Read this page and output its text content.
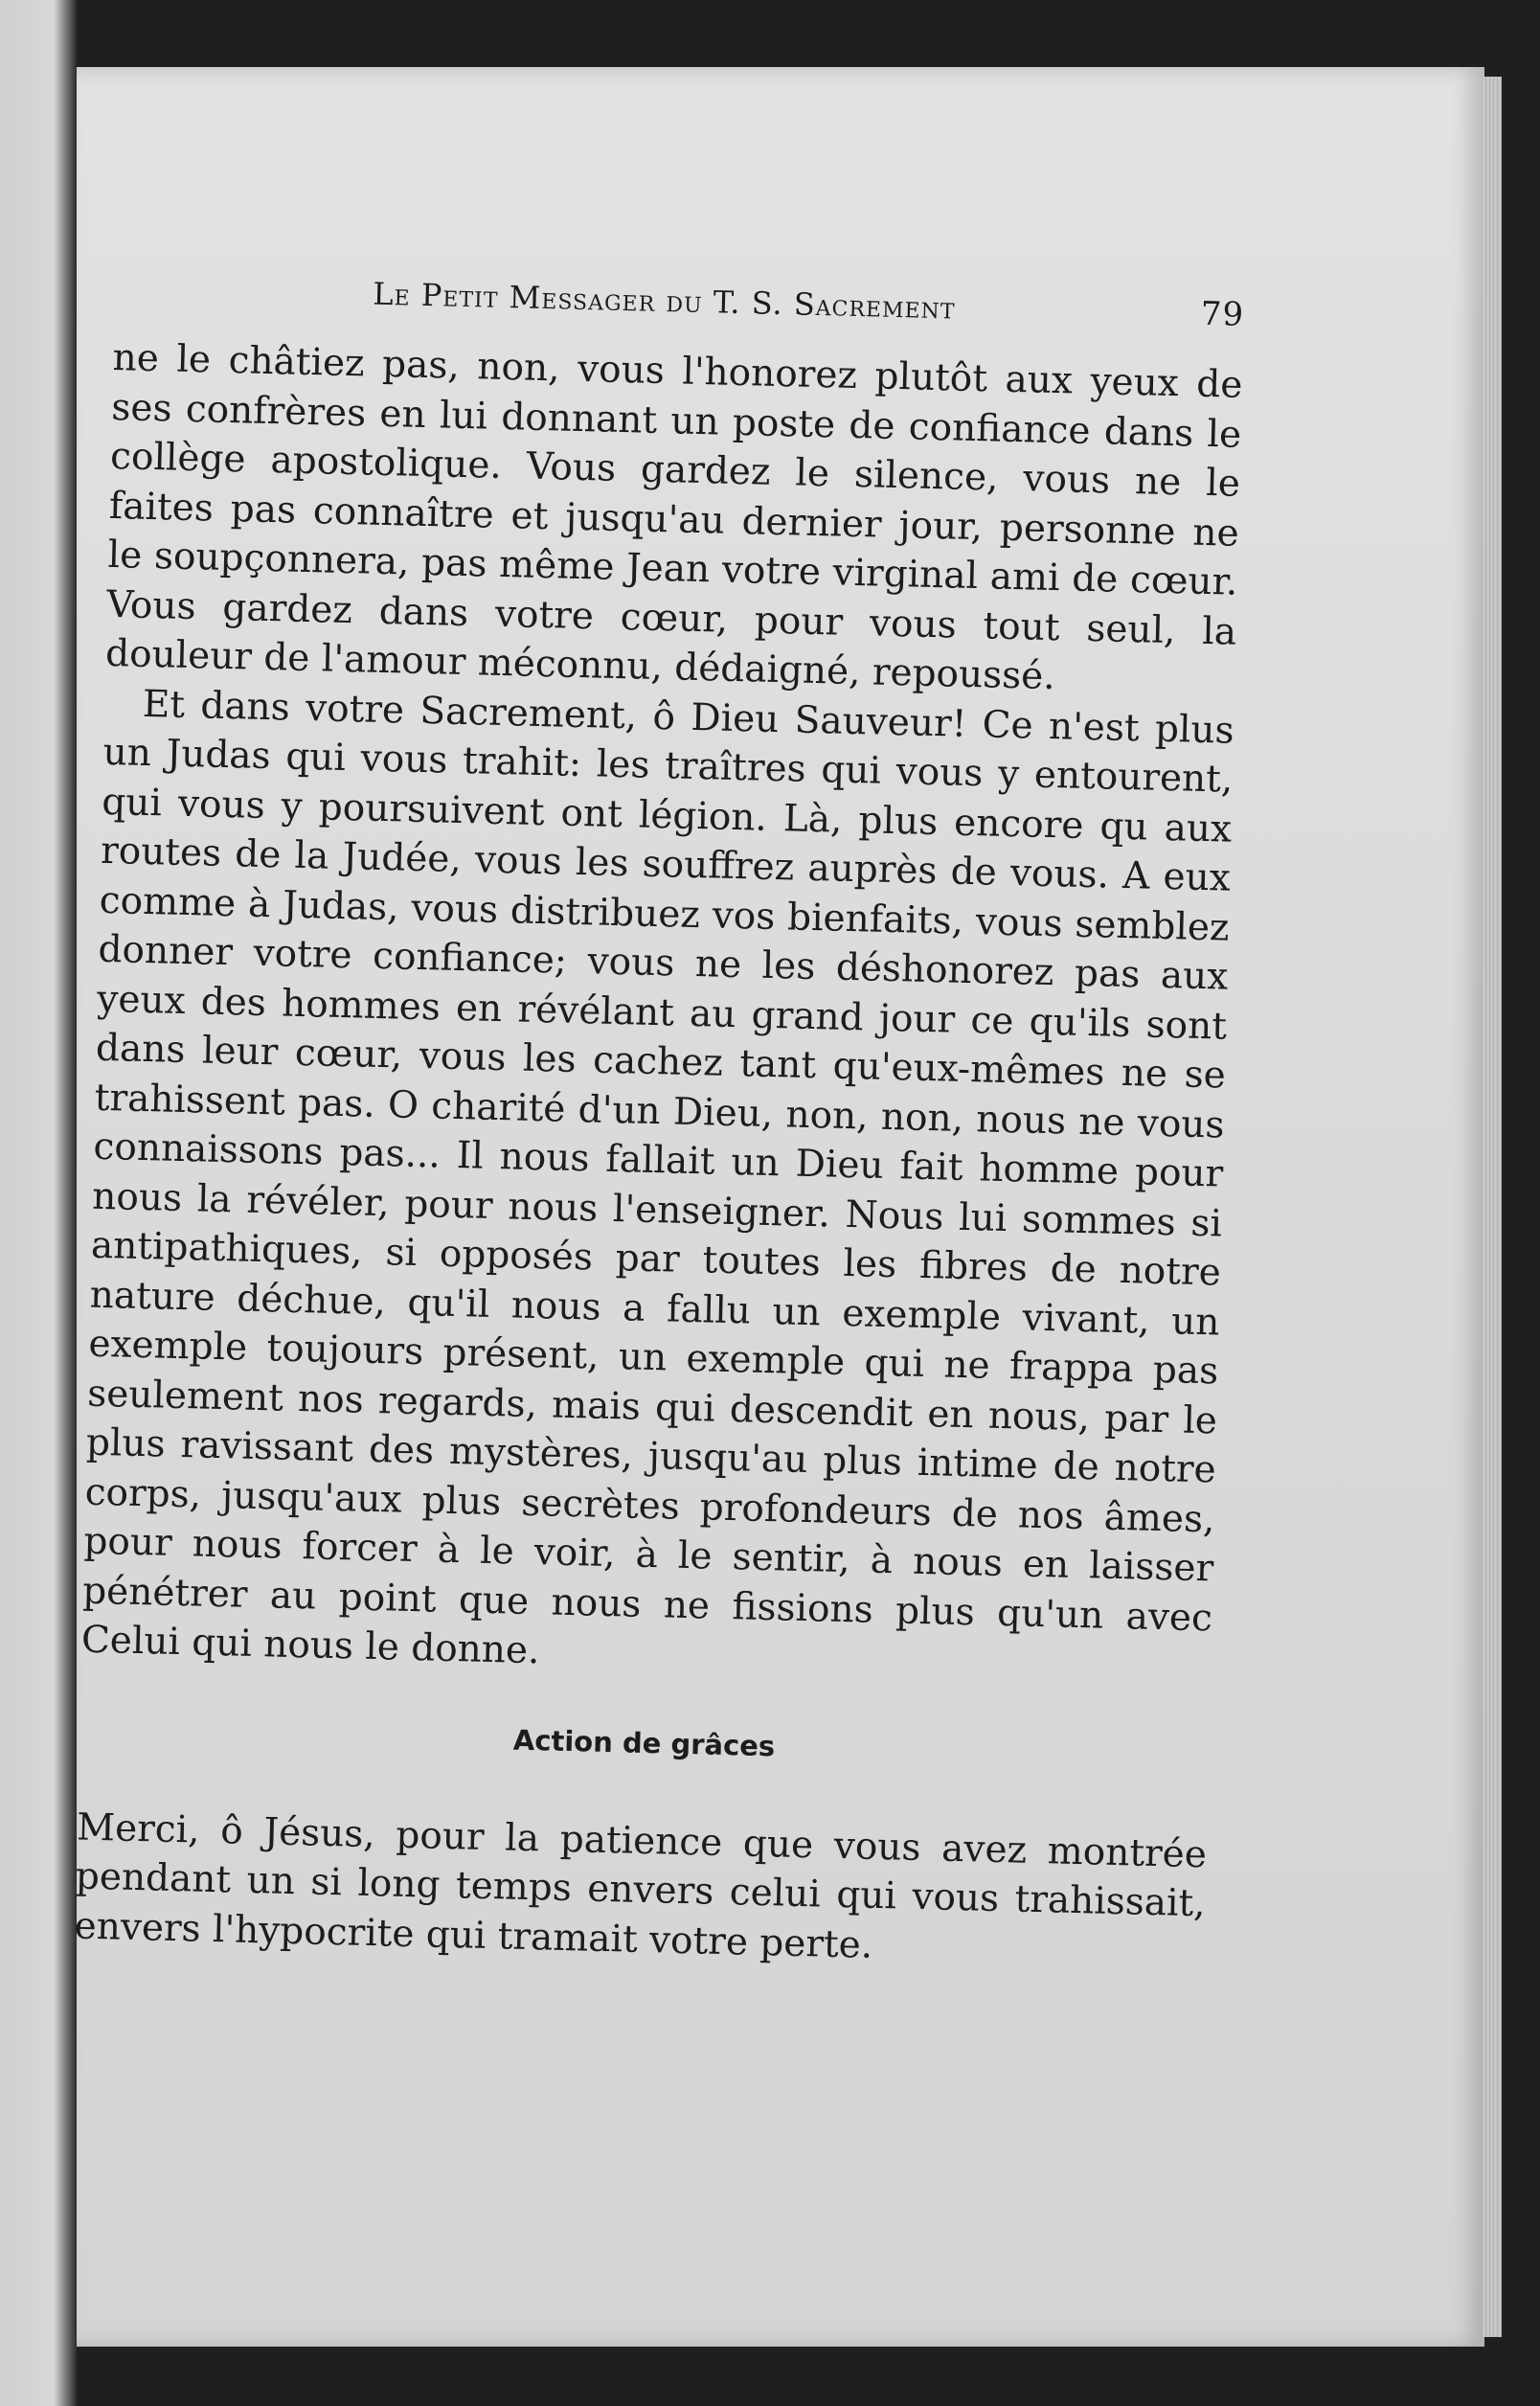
Le Petit Messager du T. S. Sacrement	79

ne le châtiez pas, non, vous l'honorez plutôt aux yeux de ses confrères en lui donnant un poste de confiance dans le collège apostolique. Vous gardez le silence, vous ne le faites pas connaître et jusqu'au dernier jour, personne ne le soupçonnera, pas même Jean votre virginal ami de cœur. Vous gardez dans votre cœur, pour vous tout seul, la douleur de l'amour méconnu, dédaigné, repoussé.

Et dans votre Sacrement, ô Dieu Sauveur! Ce n'est plus un Judas qui vous trahit: les traîtres qui vous y entourent, qui vous y poursuivent ont légion. Là, plus encore qu aux routes de la Judée, vous les souffrez auprès de vous. A eux comme à Judas, vous distribuez vos bienfaits, vous semblez donner votre confiance; vous ne les déshonorez pas aux yeux des hommes en révélant au grand jour ce qu'ils sont dans leur cœur, vous les cachez tant qu'eux-mêmes ne se trahissent pas. O charité d'un Dieu, non, non, nous ne vous connaissons pas... Il nous fallait un Dieu fait homme pour nous la révéler, pour nous l'enseigner. Nous lui sommes si antipathiques, si opposés par toutes les fibres de notre nature déchue, qu'il nous a fallu un exemple vivant, un exemple toujours présent, un exemple qui ne frappa pas seulement nos regards, mais qui descendit en nous, par le plus ravissant des mystères, jusqu'au plus intime de notre corps, jusqu'aux plus secrètes profondeurs de nos âmes, pour nous forcer à le voir, à le sentir, à nous en laisser pénétrer au point que nous ne fissions plus qu'un avec Celui qui nous le donne.

Action de grâces

Merci, ô Jésus, pour la patience que vous avez montrée pendant un si long temps envers celui qui vous trahissait, envers l'hypocrite qui tramait votre perte.
